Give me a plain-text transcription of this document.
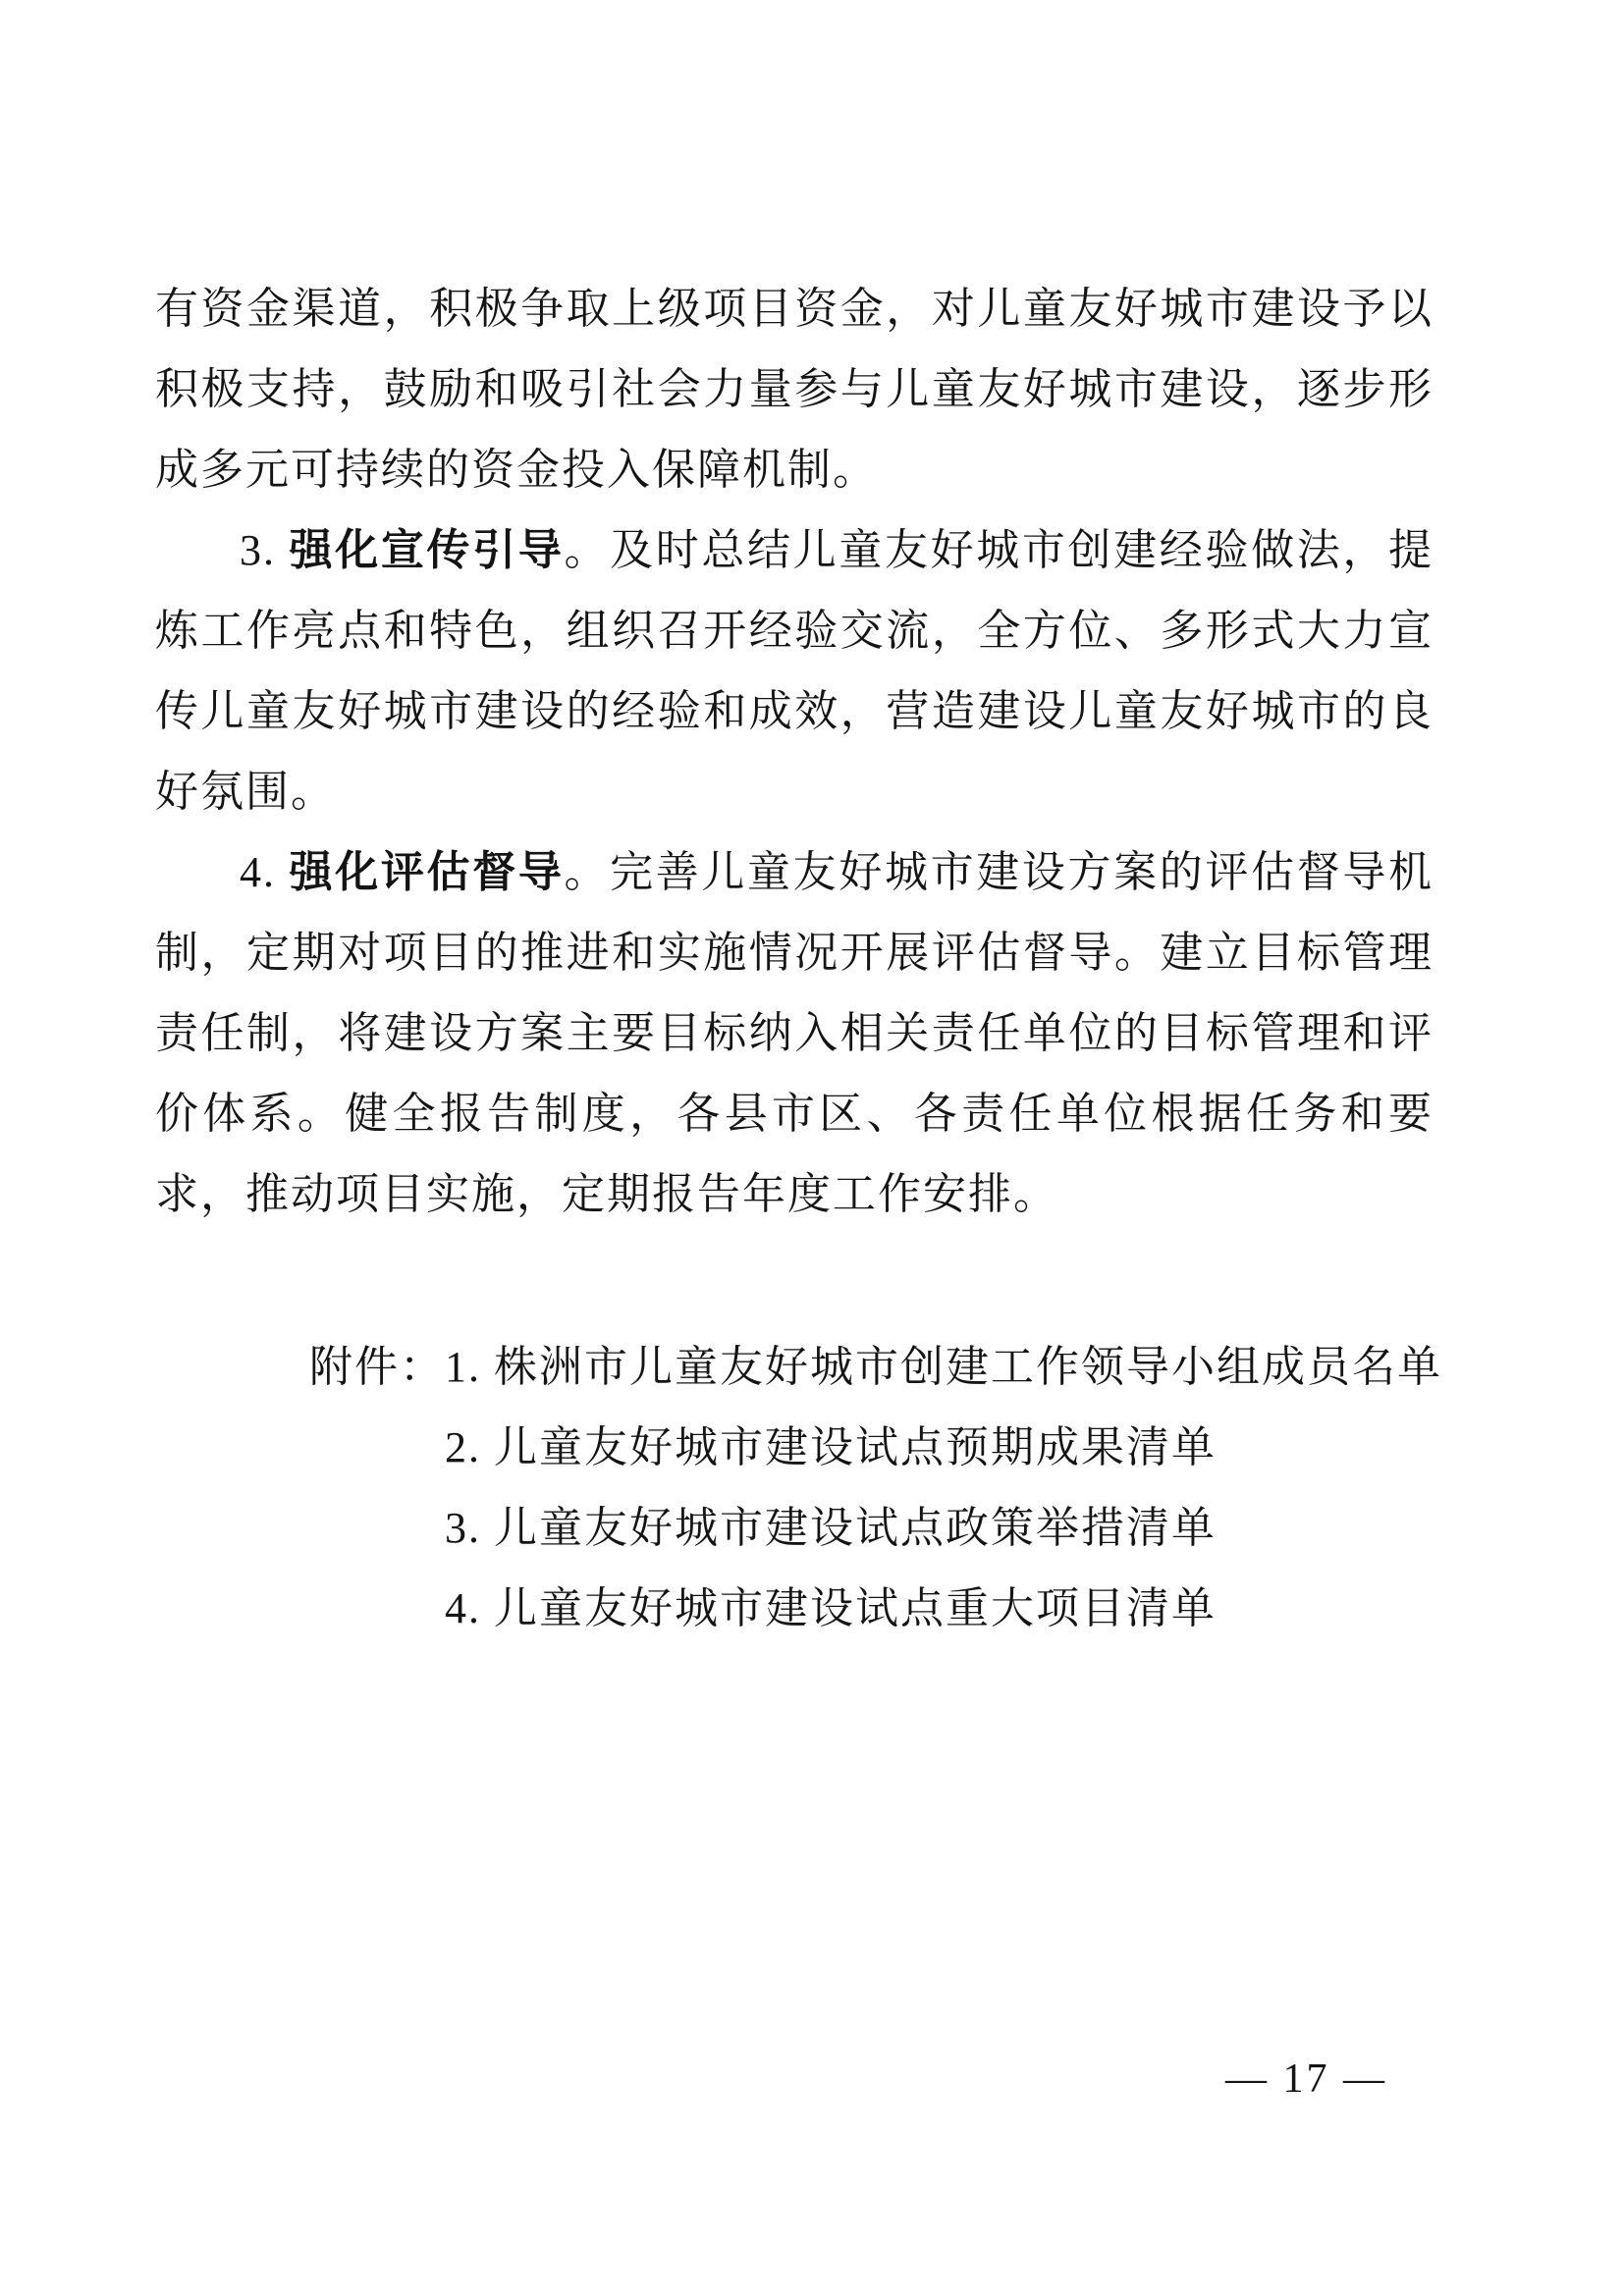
有资金渠道，积极争取上级项目资金，对儿童友好城市建设予以积极支持，鼓励和吸引社会力量参与儿童友好城市建设，逐步形成多元可持续的资金投入保障机制。

3. 强化宣传引导。及时总结儿童友好城市创建经验做法，提炼工作亮点和特色，组织召开经验交流，全方位、多形式大力宣传儿童友好城市建设的经验和成效，营造建设儿童友好城市的良好氛围。

4. 强化评估督导。完善儿童友好城市建设方案的评估督导机制，定期对项目的推进和实施情况开展评估督导。建立目标管理责任制，将建设方案主要目标纳入相关责任单位的目标管理和评价体系。健全报告制度，各县市区、各责任单位根据任务和要求，推动项目实施，定期报告年度工作安排。

附件： 1. 株洲市儿童友好城市创建工作领导小组成员名单
2. 儿童友好城市建设试点预期成果清单
3. 儿童友好城市建设试点政策举措清单
4. 儿童友好城市建设试点重大项目清单
— 17 —
